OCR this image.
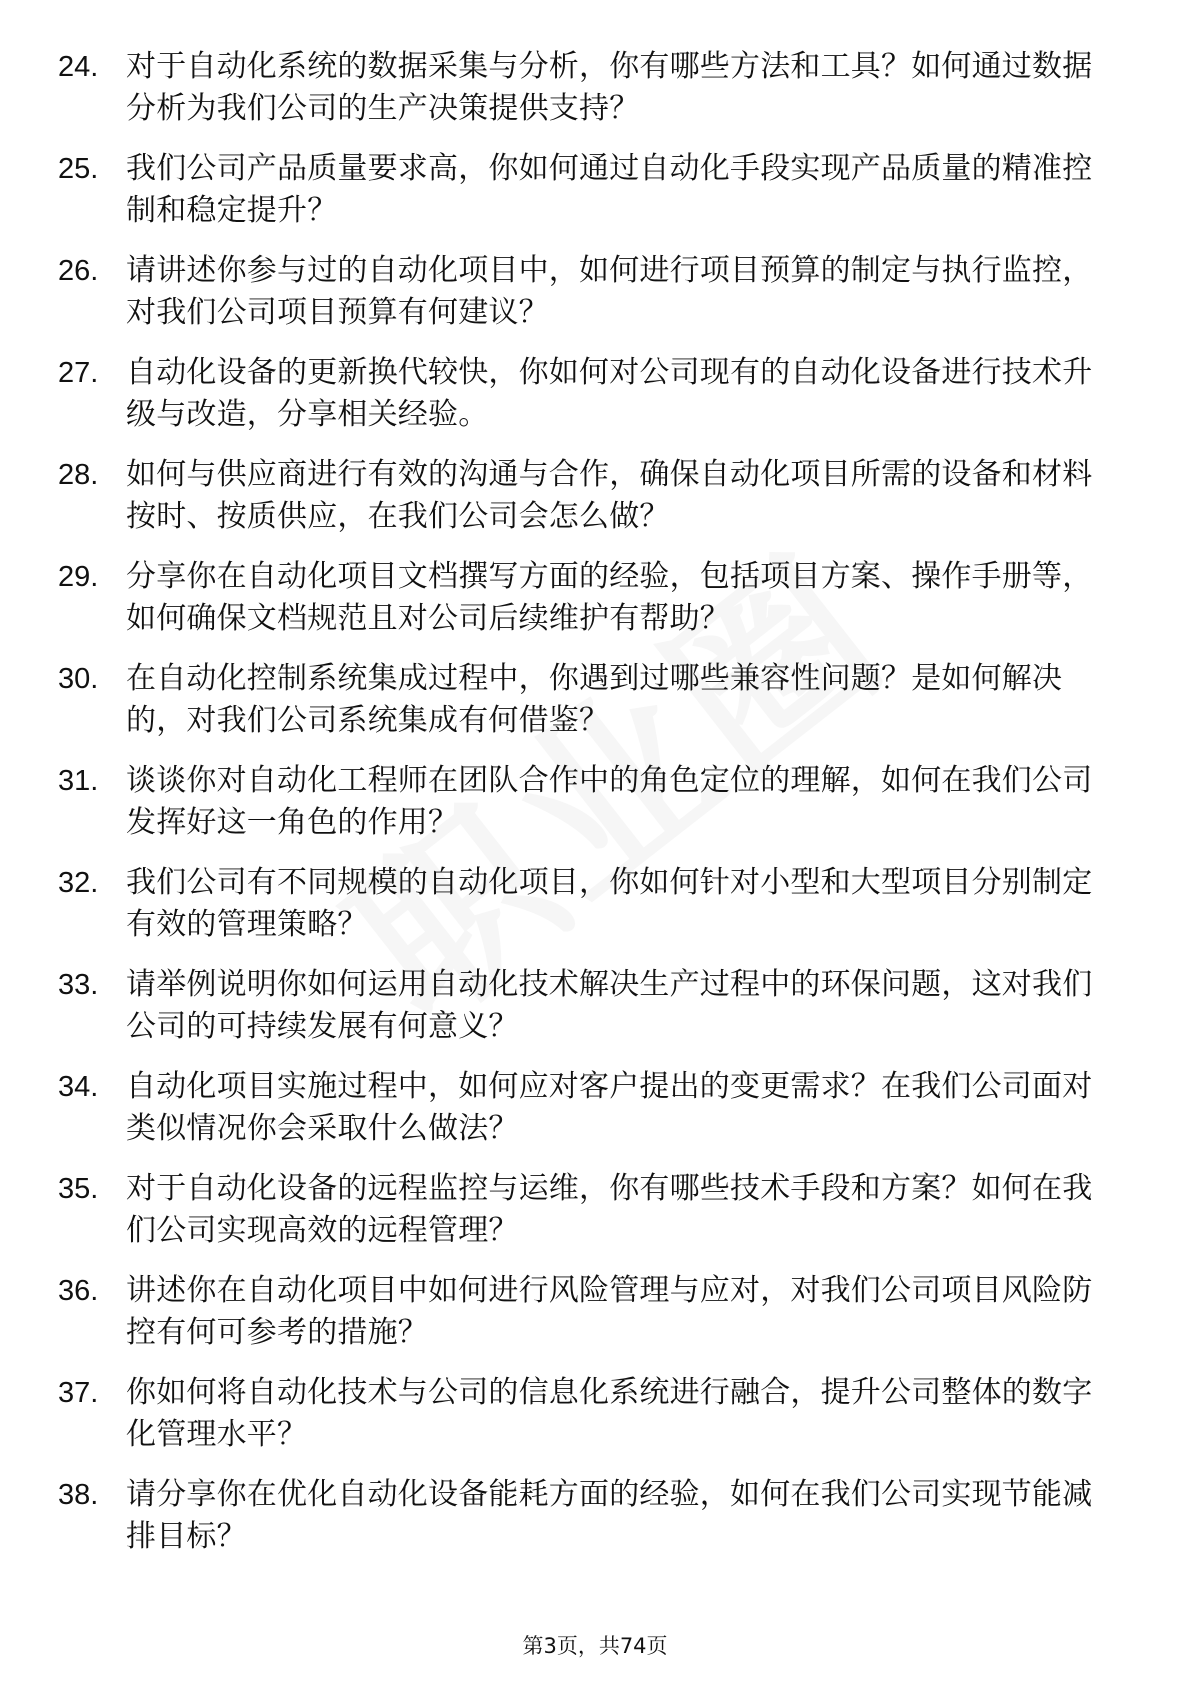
24. 对于自动化系统的数据采集与分析，你有哪些方法和工具？如何通过数据分析为我们公司的生产决策提供支持？
25. 我们公司产品质量要求高，你如何通过自动化手段实现产品质量的精准控制和稳定提升？
26. 请讲述你参与过的自动化项目中，如何进行项目预算的制定与执行监控，对我们公司项目预算有何建议？
27. 自动化设备的更新换代较快，你如何对公司现有的自动化设备进行技术升级与改造，分享相关经验。
28. 如何与供应商进行有效的沟通与合作，确保自动化项目所需的设备和材料按时、按质供应，在我们公司会怎么做？
29. 分享你在自动化项目文档撰写方面的经验，包括项目方案、操作手册等，如何确保文档规范且对公司后续维护有帮助？
30. 在自动化控制系统集成过程中，你遇到过哪些兼容性问题？是如何解决的，对我们公司系统集成有何借鉴？
31. 谈谈你对自动化工程师在团队合作中的角色定位的理解，如何在我们公司发挥好这一角色的作用？
32. 我们公司有不同规模的自动化项目，你如何针对小型和大型项目分别制定有效的管理策略？
33. 请举例说明你如何运用自动化技术解决生产过程中的环保问题，这对我们公司的可持续发展有何意义？
34. 自动化项目实施过程中，如何应对客户提出的变更需求？在我们公司面对类似情况你会采取什么做法？
35. 对于自动化设备的远程监控与运维，你有哪些技术手段和方案？如何在我们公司实现高效的远程管理？
36. 讲述你在自动化项目中如何进行风险管理与应对，对我们公司项目风险防控有何可参考的措施？
37. 你如何将自动化技术与公司的信息化系统进行融合，提升公司整体的数字化管理水平？
38. 请分享你在优化自动化设备能耗方面的经验，如何在我们公司实现节能减排目标？
第3页，共74页
